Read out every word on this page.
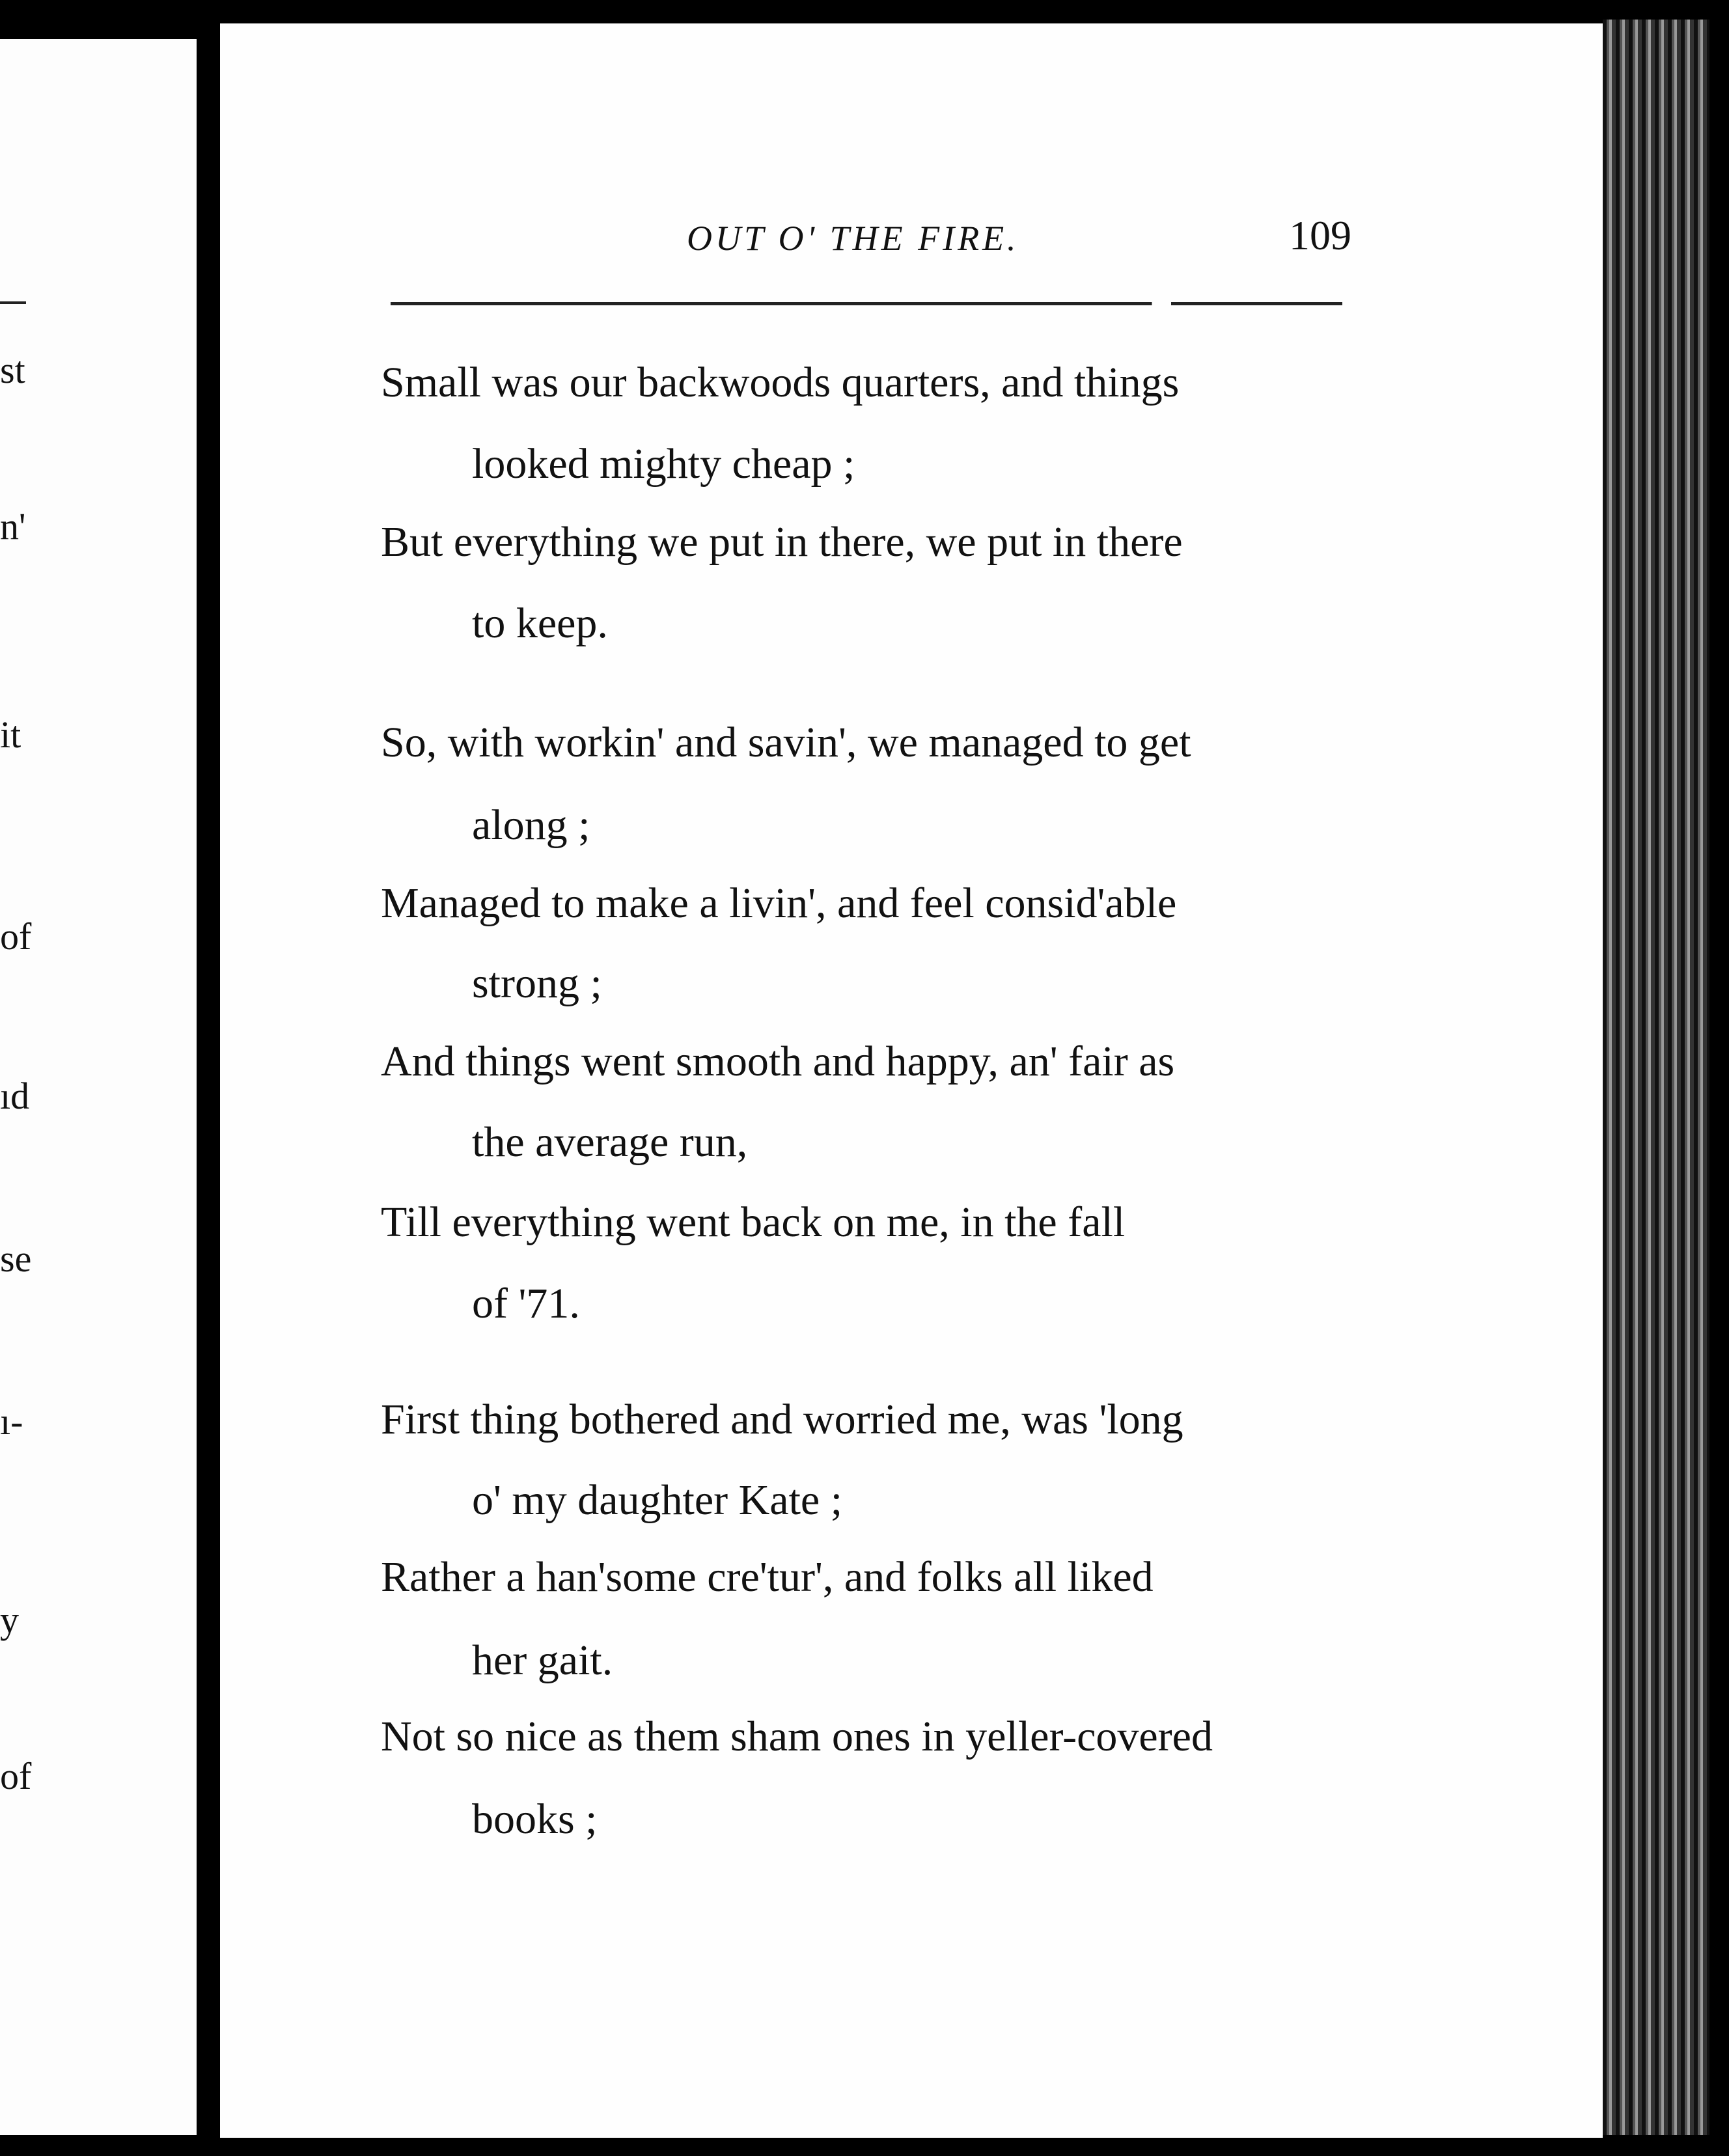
st
n'
it
of
ıd
se
ı-
y
of
OUT O' THE FIRE.	109
Small was our backwoods quarters, and things
looked mighty cheap ;
But everything we put in there, we put in there
to keep.
So, with workin' and savin', we managed to get
along ;
Managed to make a livin', and feel consid'able
strong ;
And things went smooth and happy, an' fair as
the average run,
Till everything went back on me, in the fall
of '71.
First thing bothered and worried me, was 'long
o' my daughter Kate ;
Rather a han'some cre'tur', and folks all liked
her gait.
Not so nice as them sham ones in yeller-covered
books ;
